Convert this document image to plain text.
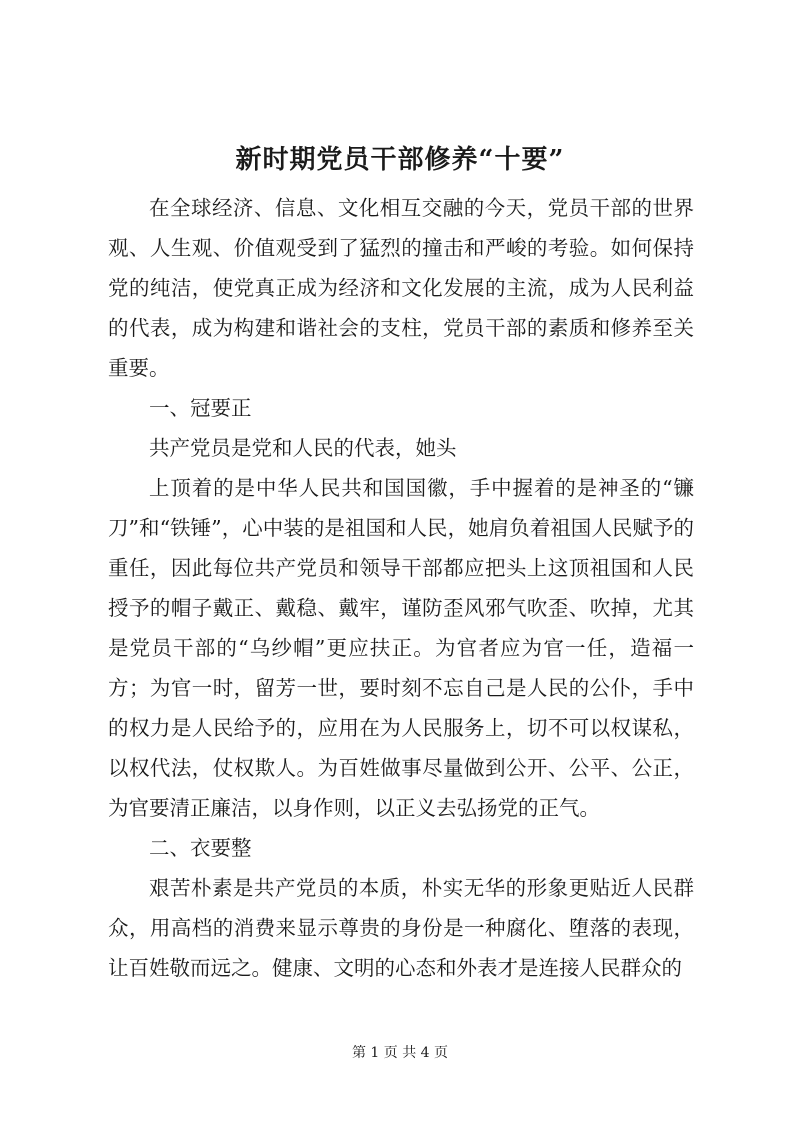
新时期党员干部修养“十要”

在全球经济、信息、文化相互交融的今天，党员干部的世界观、人生观、价值观受到了猛烈的撞击和严峻的考验。如何保持党的纯洁，使党真正成为经济和文化发展的主流，成为人民利益的代表，成为构建和谐社会的支柱，党员干部的素质和修养至关重要。

一、冠要正

共产党员是党和人民的代表，她头

上顶着的是中华人民共和国国徽，手中握着的是神圣的“镰刀”和“铁锤”，心中装的是祖国和人民，她肩负着祖国人民赋予的重任，因此每位共产党员和领导干部都应把头上这顶祖国和人民授予的帽子戴正、戴稳、戴牢，谨防歪风邪气吹歪、吹掉，尤其是党员干部的“乌纱帽”更应扶正。为官者应为官一任，造福一方；为官一时，留芳一世，要时刻不忘自己是人民的公仆，手中的权力是人民给予的，应用在为人民服务上，切不可以权谋私，以权代法，仗权欺人。为百姓做事尽量做到公开、公平、公正，为官要清正廉洁，以身作则，以正义去弘扬党的正气。

二、衣要整

艰苦朴素是共产党员的本质，朴实无华的形象更贴近人民群众，用高档的消费来显示尊贵的身份是一种腐化、堕落的表现，让百姓敬而远之。健康、文明的心态和外表才是连接人民群众的

第 1 页 共 4 页
